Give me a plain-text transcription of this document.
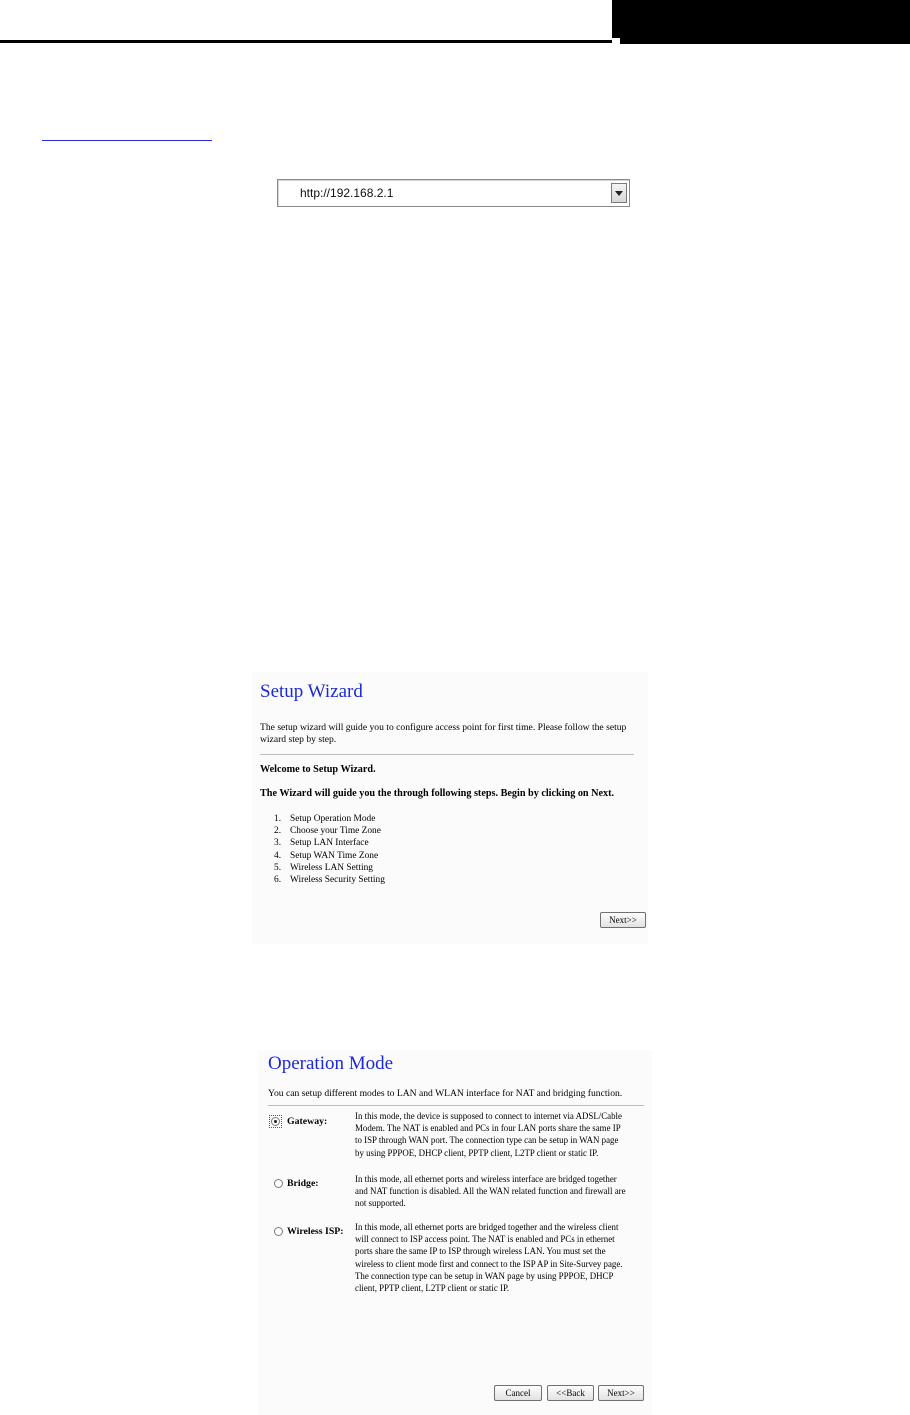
http://192.168.2.1
Setup Wizard
The setup wizard will guide you to configure access point for first time. Please follow the setup wizard step by step.
Welcome to Setup Wizard.
The Wizard will guide you the through following steps. Begin by clicking on Next.
1. Setup Operation Mode
2. Choose your Time Zone
3. Setup LAN Interface
4. Setup WAN Time Zone
5. Wireless LAN Setting
6. Wireless Security Setting
Next>>
Operation Mode
You can setup different modes to LAN and WLAN interface for NAT and bridging function.
Gateway:	In this mode, the device is supposed to connect to internet via ADSL/Cable Modem. The NAT is enabled and PCs in four LAN ports share the same IP to ISP through WAN port. The connection type can be setup in WAN page by using PPPOE, DHCP client, PPTP client, L2TP client or static IP.
Bridge:	In this mode, all ethernet ports and wireless interface are bridged together and NAT function is disabled. All the WAN related function and firewall are not supported.
Wireless ISP: In this mode, all ethernet ports are bridged together and the wireless client will connect to ISP access point. The NAT is enabled and PCs in ethernet ports share the same IP to ISP through wireless LAN. You must set the wireless to client mode first and connect to the ISP AP in Site-Survey page. The connection type can be setup in WAN page by using PPPOE, DHCP client, PPTP client, L2TP client or static IP.
Cancel	<<Back	Next>>
